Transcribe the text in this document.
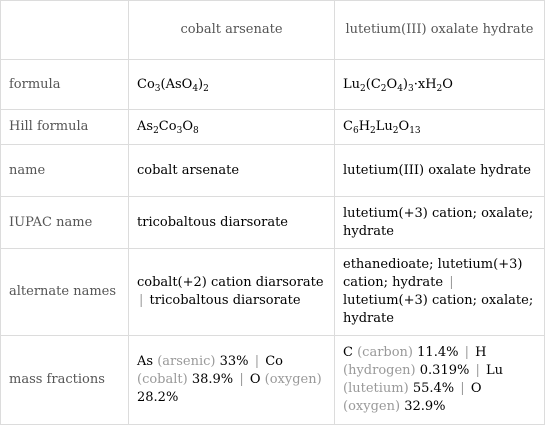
	cobalt arsenate	lutetium(III) oxalate hydrate
formula	$Co_3(AsO_4)_2$	$Lu_2(C_2O_4)_3\cdot xH_2O$
Hill formula	$As_2Co_3O_8$	$C_6H_2Lu_2O_{13}$
name	cobalt arsenate	lutetium(III) oxalate hydrate
IUPAC name	tricobaltous diarsorate	lutetium(+3) cation; oxalate; hydrate
alternate names	cobalt(+2) cation diarsorate | tricobaltous diarsorate	ethanedioate; lutetium(+3) cation; hydrate | lutetium(+3) cation; oxalate; hydrate
mass fractions	As (arsenic) 33% | Co (cobalt) 38.9% | O (oxygen) 28.2%	C (carbon) 11.4% | H (hydrogen) 0.319% | Lu (lutetium) 55.4% | O (oxygen) 32.9%
